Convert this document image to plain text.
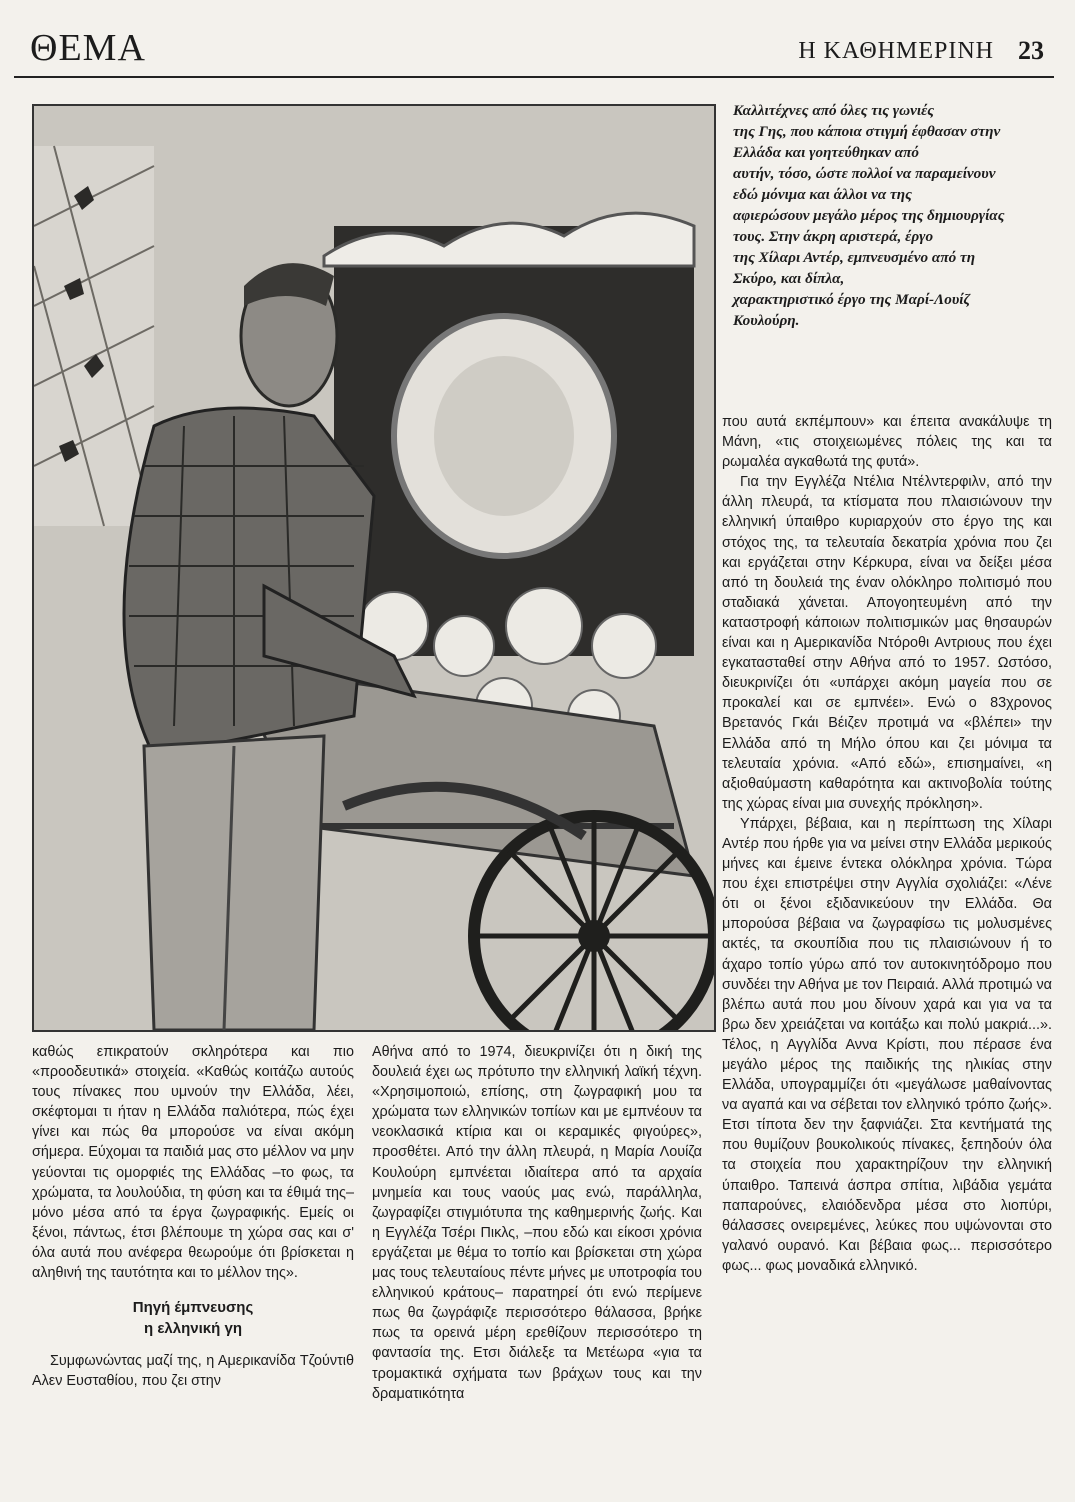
ΘΕΜΑ	Η ΚΑΘΗΜΕΡΙΝΗ 23
Καλλιτέχνες από όλες τις γωνιές
της Γης, που κάποια στιγμή έφθασαν στην
Ελλάδα και γοητεύθηκαν από
αυτήν, τόσο, ώστε πολλοί να παραμείνουν
εδώ μόνιμα και άλλοι να της
αφιερώσουν μεγάλο μέρος της δημιουργίας
τους. Στην άκρη αριστερά, έργο
της Χίλαρι Αντέρ, εμπνευσμένο από τη
Σκύρο, και δίπλα,
χαρακτηριστικό έργο της Μαρί-Λουίζ
Κουλούρη.

που αυτά εκπέμπουν» και έπειτα ανακάλυψε τη Μάνη, «τις στοιχειωμένες πόλεις της και τα ρωμαλέα αγκαθωτά της φυτά».

Για την Εγγλέζα Ντέλια Ντέλντερφιλν, από την άλλη πλευρά, τα κτίσματα που πλαισιώνουν την ελληνική ύπαιθρο κυριαρχούν στο έργο της και στόχος της, τα τελευταία δεκατρία χρόνια που ζει και εργάζεται στην Κέρκυρα, είναι να δείξει μέσα από τη δουλειά της έναν ολόκληρο πολιτισμό που σταδιακά χάνεται. Απογοητευμένη από την καταστροφή κάποιων πολιτισμικών μας θησαυρών είναι και η Αμερικανίδα Ντόροθι Αντριους που έχει εγκατασταθεί στην Αθήνα από το 1957. Ωστόσο, διευκρινίζει ότι «υπάρχει ακόμη μαγεία που σε προκαλεί και σε εμπνέει». Ενώ ο 83χρονος Βρετανός Γκάι Βέιζεν προτιμά να «βλέπει» την Ελλάδα από τη Μήλο όπου και ζει μόνιμα τα τελευταία χρόνια. «Από εδώ», επισημαίνει, «η αξιοθαύμαστη καθαρότητα και ακτινοβολία τούτης της χώρας είναι μια συνεχής πρόκληση».

Υπάρχει, βέβαια, και η περίπτωση της Χίλαρι Αντέρ που ήρθε για να μείνει στην Ελλάδα μερικούς μήνες και έμεινε έντεκα ολόκληρα χρόνια. Τώρα που έχει επιστρέψει στην Αγγλία σχολιάζει: «Λένε ότι οι ξένοι εξιδανικεύουν την Ελλάδα. Θα μπορούσα βέβαια να ζωγραφίσω τις μολυσμένες ακτές, τα σκουπίδια που τις πλαισιώνουν ή το άχαρο τοπίο γύρω από τον αυτοκινητόδρομο που συνδέει την Αθήνα με τον Πειραιά. Αλλά προτιμώ να βλέπω αυτά που μου δίνουν χαρά και για να τα βρω δεν χρειάζεται να κοιτάξω και πολύ μακριά...». Τέλος, η Αγγλίδα Αννα Κρίστι, που πέρασε ένα μεγάλο μέρος της παιδικής της ηλικίας στην Ελλάδα, υπογραμμίζει ότι «μεγάλωσε μαθαίνοντας να αγαπά και να σέβεται τον ελληνικό τρόπο ζωής». Ετσι τίποτα δεν την ξαφνιάζει. Στα κεντήματά της που θυμίζουν βουκολικούς πίνακες, ξεπηδούν όλα τα στοιχεία που χαρακτηρίζουν την ελληνική ύπαιθρο. Ταπεινά άσπρα σπίτια, λιβάδια γεμάτα παπαρούνες, ελαιόδενδρα μέσα στο λιοπύρι, θάλασσες ονειρεμένες, λεύκες που υψώνονται στο γαλανό ουρανό. Και βέβαια φως... περισσότερο φως... φως μοναδικά ελληνικό.

καθώς επικρατούν σκληρότερα και πιο «προοδευτικά» στοιχεία. «Καθώς κοιτάζω αυτούς τους πίνακες που υμνούν την Ελλάδα, λέει, σκέφτομαι τι ήταν η Ελλάδα παλιότερα, πώς έχει γίνει και πώς θα μπορούσε να είναι ακόμη σήμερα. Εύχομαι τα παιδιά μας στο μέλλον να μην γεύονται τις ομορφιές της Ελλάδας –το φως, τα χρώματα, τα λουλούδια, τη φύση και τα έθιμά της– μόνο μέσα από τα έργα ζωγραφικής. Εμείς οι ξένοι, πάντως, έτσι βλέπουμε τη χώρα σας και σ' όλα αυτά που ανέφερα θεωρούμε ότι βρίσκεται η αληθινή της ταυτότητα και το μέλλον της».

Πηγή έμπνευσης
η ελληνική γη

Συμφωνώντας μαζί της, η Αμερικανίδα Τζούντιθ Αλεν Ευσταθίου, που ζει στην

Αθήνα από το 1974, διευκρινίζει ότι η δική της δουλειά έχει ως πρότυπο την ελληνική λαϊκή τέχνη. «Χρησιμοποιώ, επίσης, στη ζωγραφική μου τα χρώματα των ελληνικών τοπίων και με εμπνέουν τα νεοκλασικά κτίρια και οι κεραμικές φιγούρες», προσθέτει. Από την άλλη πλευρά, η Μαρία Λουίζα Κουλούρη εμπνέεται ιδιαίτερα από τα αρχαία μνημεία και τους ναούς μας ενώ, παράλληλα, ζωγραφίζει στιγμιότυπα της καθημερινής ζωής. Και η Εγγλέζα Τσέρι Πικλς, –που εδώ και είκοσι χρόνια εργάζεται με θέμα το τοπίο και βρίσκεται στη χώρα μας τους τελευταίους πέντε μήνες με υποτροφία του ελληνικού κράτους– παρατηρεί ότι ενώ περίμενε πως θα ζωγράφιζε περισσότερο θάλασσα, βρήκε πως τα ορεινά μέρη ερεθίζουν περισσότερο τη φαντασία της. Ετσι διάλεξε τα Μετέωρα «για τα τρομακτικά σχήματα των βράχων τους και την δραματικότητα
